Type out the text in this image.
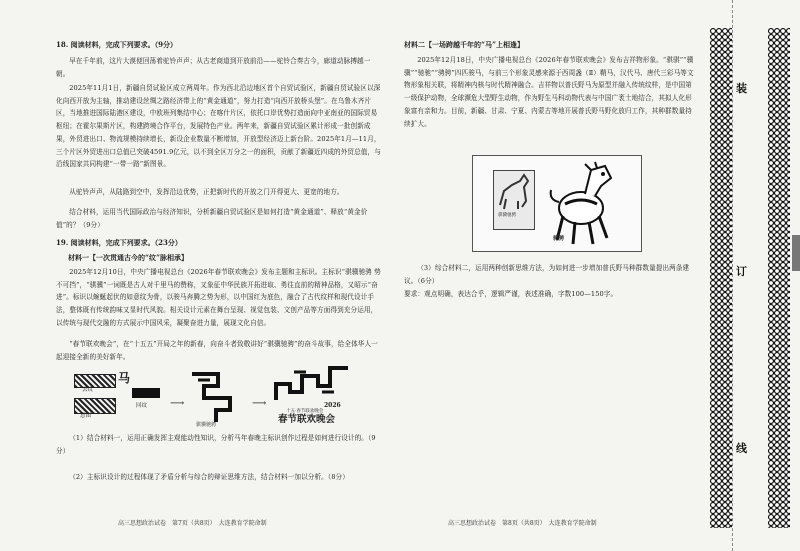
18. 阅读材料，完成下列要求。（9分）
早在千年前，这片大漠便回荡着驼铃声声；从古老商道到开放前沿——驼铃合奏古今，廊道动脉搏越一朝。
2025年11月1日，新疆自贸试验区成立两周年。作为西北沿边地区首个自贸试验区，新疆自贸试验区以深化向西开放为主轴，推动建设丝绸之路经济带上的“黄金通道”，努力打造“向西开放桥头堡”。在乌鲁木齐片区，当地推进国际陆港区建设，中欧班列集结中心；在喀什片区，依托口岸优势打造面向中亚南亚的国际贸易枢纽；在霍尔果斯片区，构建跨境合作平台，发展特色产业。两年来，新疆自贸试验区累计形成一批创新成果，外贸进出口、物流规模持续增长，新设企业数量不断增加，开放型经济迈上新台阶。2025年1月—11月，三个片区外贸进出口总值已突破4591.9亿元，以不到全区万分之一的面积，贡献了新疆近四成的外贸总值，与沿线国家共同构建“一带一路”新图景。
从驼铃声声，从陆路到空中，发挥沿边优势，正把新时代的开放之门开得更大、更宽的地方。
结合材料，运用当代国际政治与经济知识，分析新疆自贸试验区是如何打造“黄金通道”、释放“黄金价值”的？（9分）
19. 阅读材料，完成下列要求。（23分）
材料一【一次贯通古今的“纹”脉相承】
2025年12月10日，中央广播电视总台《2026年春节联欢晚会》发布主题和主标识。主标识“骐骥驰骋 势不可挡”，“骐骥”一词既是古人对千里马的赞称，又象征中华民族开拓进取、勇往直前的精神品格，又昭示“奋进”。标识以蜿蜒起伏的如意纹为骨，以骏马奔腾之势为形，以中国红为底色，融合了古代纹样和现代设计手法，整体既有传统韵味又显时代风貌。相关设计元素在舞台呈现、视觉包装、文创产品等方面得到充分运用，以传统与现代交融的方式展示中国风采，凝聚奋进力量，展现文化自信。
“春节联欢晚会”，在“十五五”开局之年的新春，向奋斗者致敬讲好“骐骥驰骋”的奋斗故事，给全体华人一起迎接全新的美好新年。
云纹
马
意图
回纹 ⟶
骐骥驰骋
⟶	2026
十五·春节联欢晚会
春节联欢晚会
（1）结合材料一，运用正确发挥主观能动性知识，分析马年春晚主标识创作过程是如何进行设计的。（9分）
（2）主标识设计的过程体现了矛盾分析与综合的辩证思维方法，结合材料一加以分析。（8分）
高三思想政治试卷　第7页（共8页）　大连教育学院命制
材料二【一场跨越千年的“马”上相逢】
2025年12月18日，中央广播电视总台《2026年春节联欢晚会》发布吉祥物形象。“骐骐”“骥骥”“驰驰”“骋骋”四匹骏马，与前三个形象灵感来源于西周盏（Ⅱ）鞘马，汉代马、唐代三彩马等文物形象相关联，将精神内核与时代精神融合。吉祥物以普氏野马为原型并融入传统纹样，是中国第一级保护动物，全球濒危大型野生动物，作为野生马科动物代表与中国广袤土地结合，其拟人化形象富有亲和力。目前，新疆、甘肃、宁夏、内蒙古等地开展普氏野马野化放归工作，其种群数量持续扩大。
骐骥驰骋
骋骋
（3）综合材料二，运用两种创新思维方法，为如何进一步增加普氏野马种群数量提出两条建议。（6分）
要求：观点明确，表达合乎，逻辑严谨，表述准确，字数100—150字。
高三思想政治试卷　第8页（共8页）　大连教育学院命制
装
订
线
